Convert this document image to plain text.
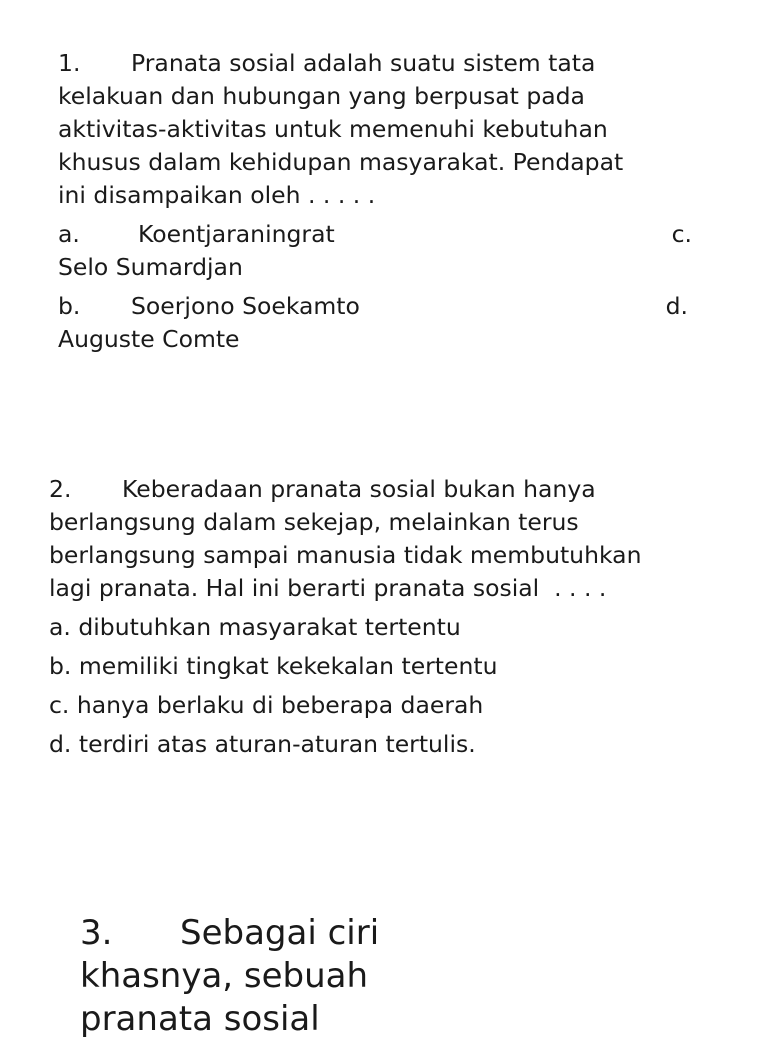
1. Pranata sosial adalah suatu sistem tata
kelakuan dan hubungan yang berpusat pada
aktivitas-aktivitas untuk memenuhi kebutuhan
khusus dalam kehidupan masyarakat. Pendapat
ini disampaikan oleh . . . . .
a. Koentjaraningrat	c.
Selo Sumardjan
b. Soerjono Soekamto	d.
Auguste Comte
2. Keberadaan pranata sosial bukan hanya
berlangsung dalam sekejap, melainkan terus
berlangsung sampai manusia tidak membutuhkan
lagi pranata. Hal ini berarti pranata sosial  . . . .
a. dibutuhkan masyarakat tertentu
b. memiliki tingkat kekekalan tertentu
c. hanya berlaku di beberapa daerah
d. terdiri atas aturan-aturan tertulis.
3. Sebagai ciri
khasnya, sebuah
pranata sosial
